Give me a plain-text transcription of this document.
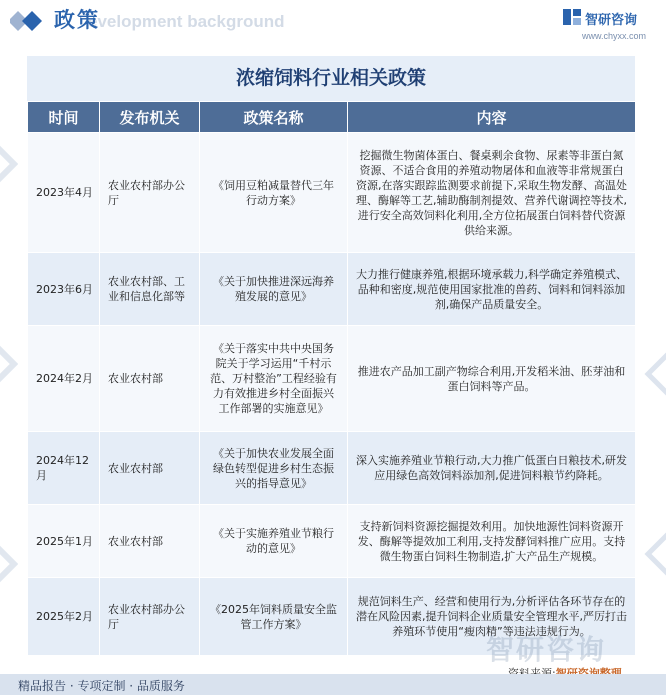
evelopment background
政策	智研咨询
www.chyxx.com
浓缩饲料行业相关政策
时间	发布机关	政策名称	内容
2023年4月	农业农村部办公厅	《饲用豆粕减量替代三年行动方案》	挖掘微生物菌体蛋白、餐桌剩余食物、尿素等非蛋白氮资源、不适合食用的养殖动物屠体和血液等非常规蛋白资源,在落实跟踪监测要求前提下,采取生物发酵、高温处理、酶解等工艺,辅助酶制剂提效、营养代谢调控等技术,进行安全高效饲料化利用,全方位拓展蛋白饲料替代资源供给来源。
2023年6月	农业农村部、工业和信息化部等	《关于加快推进深远海养殖发展的意见》	大力推行健康养殖,根据环境承载力,科学确定养殖模式、品种和密度,规范使用国家批准的兽药、饲料和饲料添加剂,确保产品质量安全。
2024年2月	农业农村部	《关于落实中共中央国务院关于学习运用“千村示范、万村整治”工程经验有力有效推进乡村全面振兴工作部署的实施意见》	推进农产品加工副产物综合利用,开发稻米油、胚芽油和蛋白饲料等产品。
2024年12月	农业农村部	《关于加快农业发展全面绿色转型促进乡村生态振兴的指导意见》	深入实施养殖业节粮行动,大力推广低蛋白日粮技术,研发应用绿色高效饲料添加剂,促进饲料粮节约降耗。
2025年1月	农业农村部	《关于实施养殖业节粮行动的意见》	支持新饲料资源挖掘提效利用。加快地源性饲料资源开发、酶解等提效加工利用,支持发酵饲料推广应用。支持微生物蛋白饲料生物制造,扩大产品生产规模。
2025年2月	农业农村部办公厅	《2025年饲料质量安全监管工作方案》	规范饲料生产、经营和使用行为,分析评估各环节存在的潜在风险因素,提升饲料企业质量安全管理水平,严厉打击养殖环节使用“瘦肉精”等违法违规行为。
智研咨询
精品报告 · 专项定制 · 品质服务
